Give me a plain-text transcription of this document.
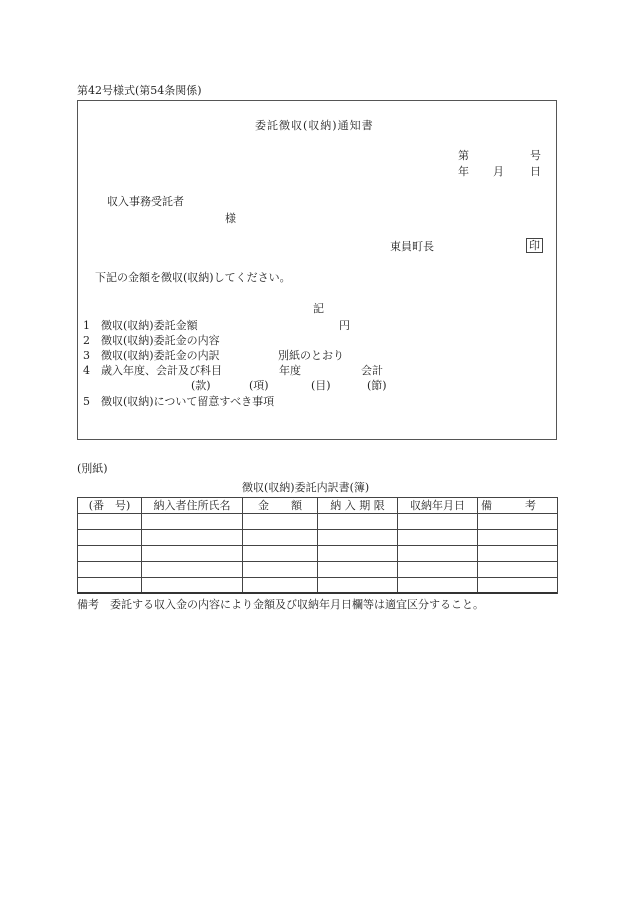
第42号様式(第54条関係)
委託徴収(収納)通知書
第	号
年 月 日
収入事務受託者
様
東員町長	印
下記の金額を徴収(収納)してください。
記
1 徴収(収納)委託金額	円
2 徴収(収納)委託金の内容
3 徴収(収納)委託金の内訳	別紙のとおり
4 歳入年度、会計及び科目	年度	会計
(款)	(項)	(目)	(節)
5 徴収(収納)について留意すべき事項
(別紙)
徴収(収納)委託内訳書(簿)
(番　号)	納入者住所氏名	金　　額	納 入 期 限	収納年月日	備　　　考

備考　委託する収入金の内容により金額及び収納年月日欄等は適宜区分すること。
